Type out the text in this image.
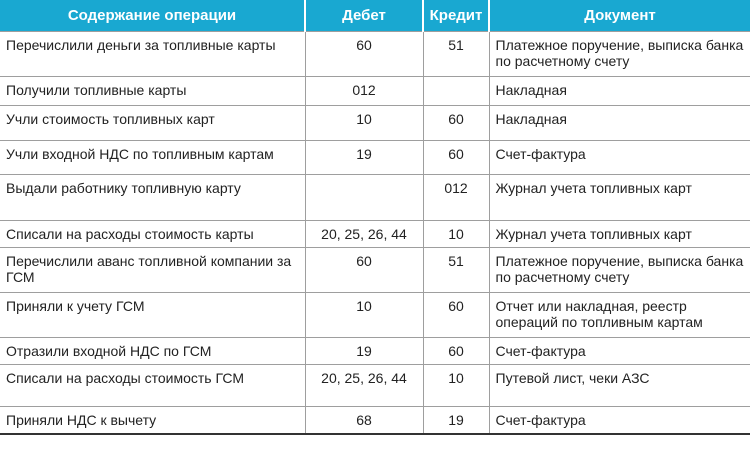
Содержание операции	Дебет	Кредит	Документ
Перечислили деньги за топливные карты	60	51	Платежное поручение, выписка банка по расчетному счету
Получили топливные карты	012		Накладная
Учли стоимость топливных карт	10	60	Накладная
Учли входной НДС по топливным картам	19	60	Счет-фактура
Выдали работнику топливную карту		012	Журнал учета топливных карт
Списали на расходы стоимость карты	20, 25, 26, 44	10	Журнал учета топливных карт
Перечислили аванс топливной компании за ГСМ	60	51	Платежное поручение, выписка банка по расчетному счету
Приняли к учету ГСМ	10	60	Отчет или накладная, реестр операций по топливным картам
Отразили входной НДС по ГСМ	19	60	Счет-фактура
Списали на расходы стоимость ГСМ	20, 25, 26, 44	10	Путевой лист, чеки АЗС
Приняли НДС к вычету	68	19	Счет-фактура
